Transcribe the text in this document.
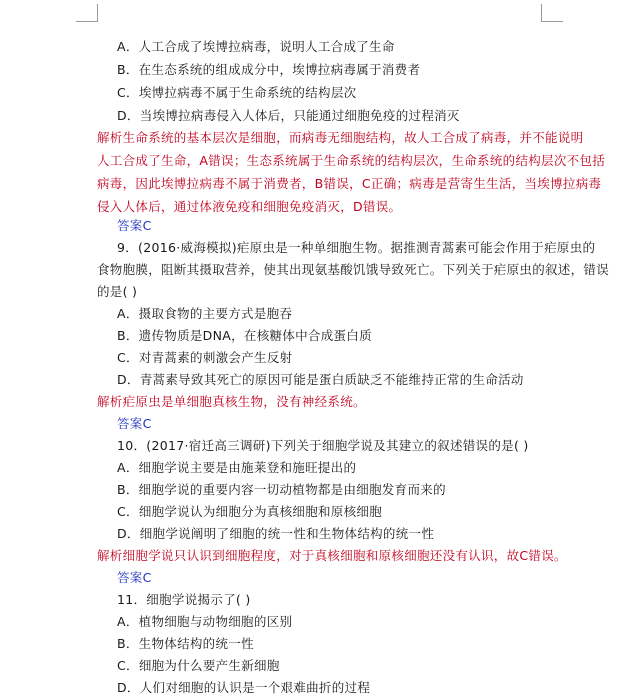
A．人工合成了埃博拉病毒，说明人工合成了生命
B．在生态系统的组成成分中，埃博拉病毒属于消费者
C．埃博拉病毒不属于生命系统的结构层次
D．当埃博拉病毒侵入人体后，只能通过细胞免疫的过程消灭
解析生命系统的基本层次是细胞，而病毒无细胞结构，故人工合成了病毒，并不能说明
人工合成了生命，A错误；生态系统属于生命系统的结构层次，生命系统的结构层次不包括
病毒，因此埃博拉病毒不属于消费者，B错误，C正确；病毒是营寄生生活，当埃博拉病毒
侵入人体后，通过体液免疫和细胞免疫消灭，D错误。
答案C
9．(2016·威海模拟)疟原虫是一种单细胞生物。据推测青蒿素可能会作用于疟原虫的
食物胞膜，阻断其摄取营养，使其出现氨基酸饥饿导致死亡。下列关于疟原虫的叙述，错误
的是( )
A．摄取食物的主要方式是胞吞
B．遗传物质是DNA，在核糖体中合成蛋白质
C．对青蒿素的刺激会产生反射
D．青蒿素导致其死亡的原因可能是蛋白质缺乏不能维持正常的生命活动
解析疟原虫是单细胞真核生物，没有神经系统。
答案C
10．(2017·宿迁高三调研)下列关于细胞学说及其建立的叙述错误的是( )
A．细胞学说主要是由施莱登和施旺提出的
B．细胞学说的重要内容一切动植物都是由细胞发育而来的
C．细胞学说认为细胞分为真核细胞和原核细胞
D．细胞学说阐明了细胞的统一性和生物体结构的统一性
解析细胞学说只认识到细胞程度，对于真核细胞和原核细胞还没有认识，故C错误。
答案C
11．细胞学说揭示了( )
A．植物细胞与动物细胞的区别
B．生物体结构的统一性
C．细胞为什么要产生新细胞
D．人们对细胞的认识是一个艰难曲折的过程
